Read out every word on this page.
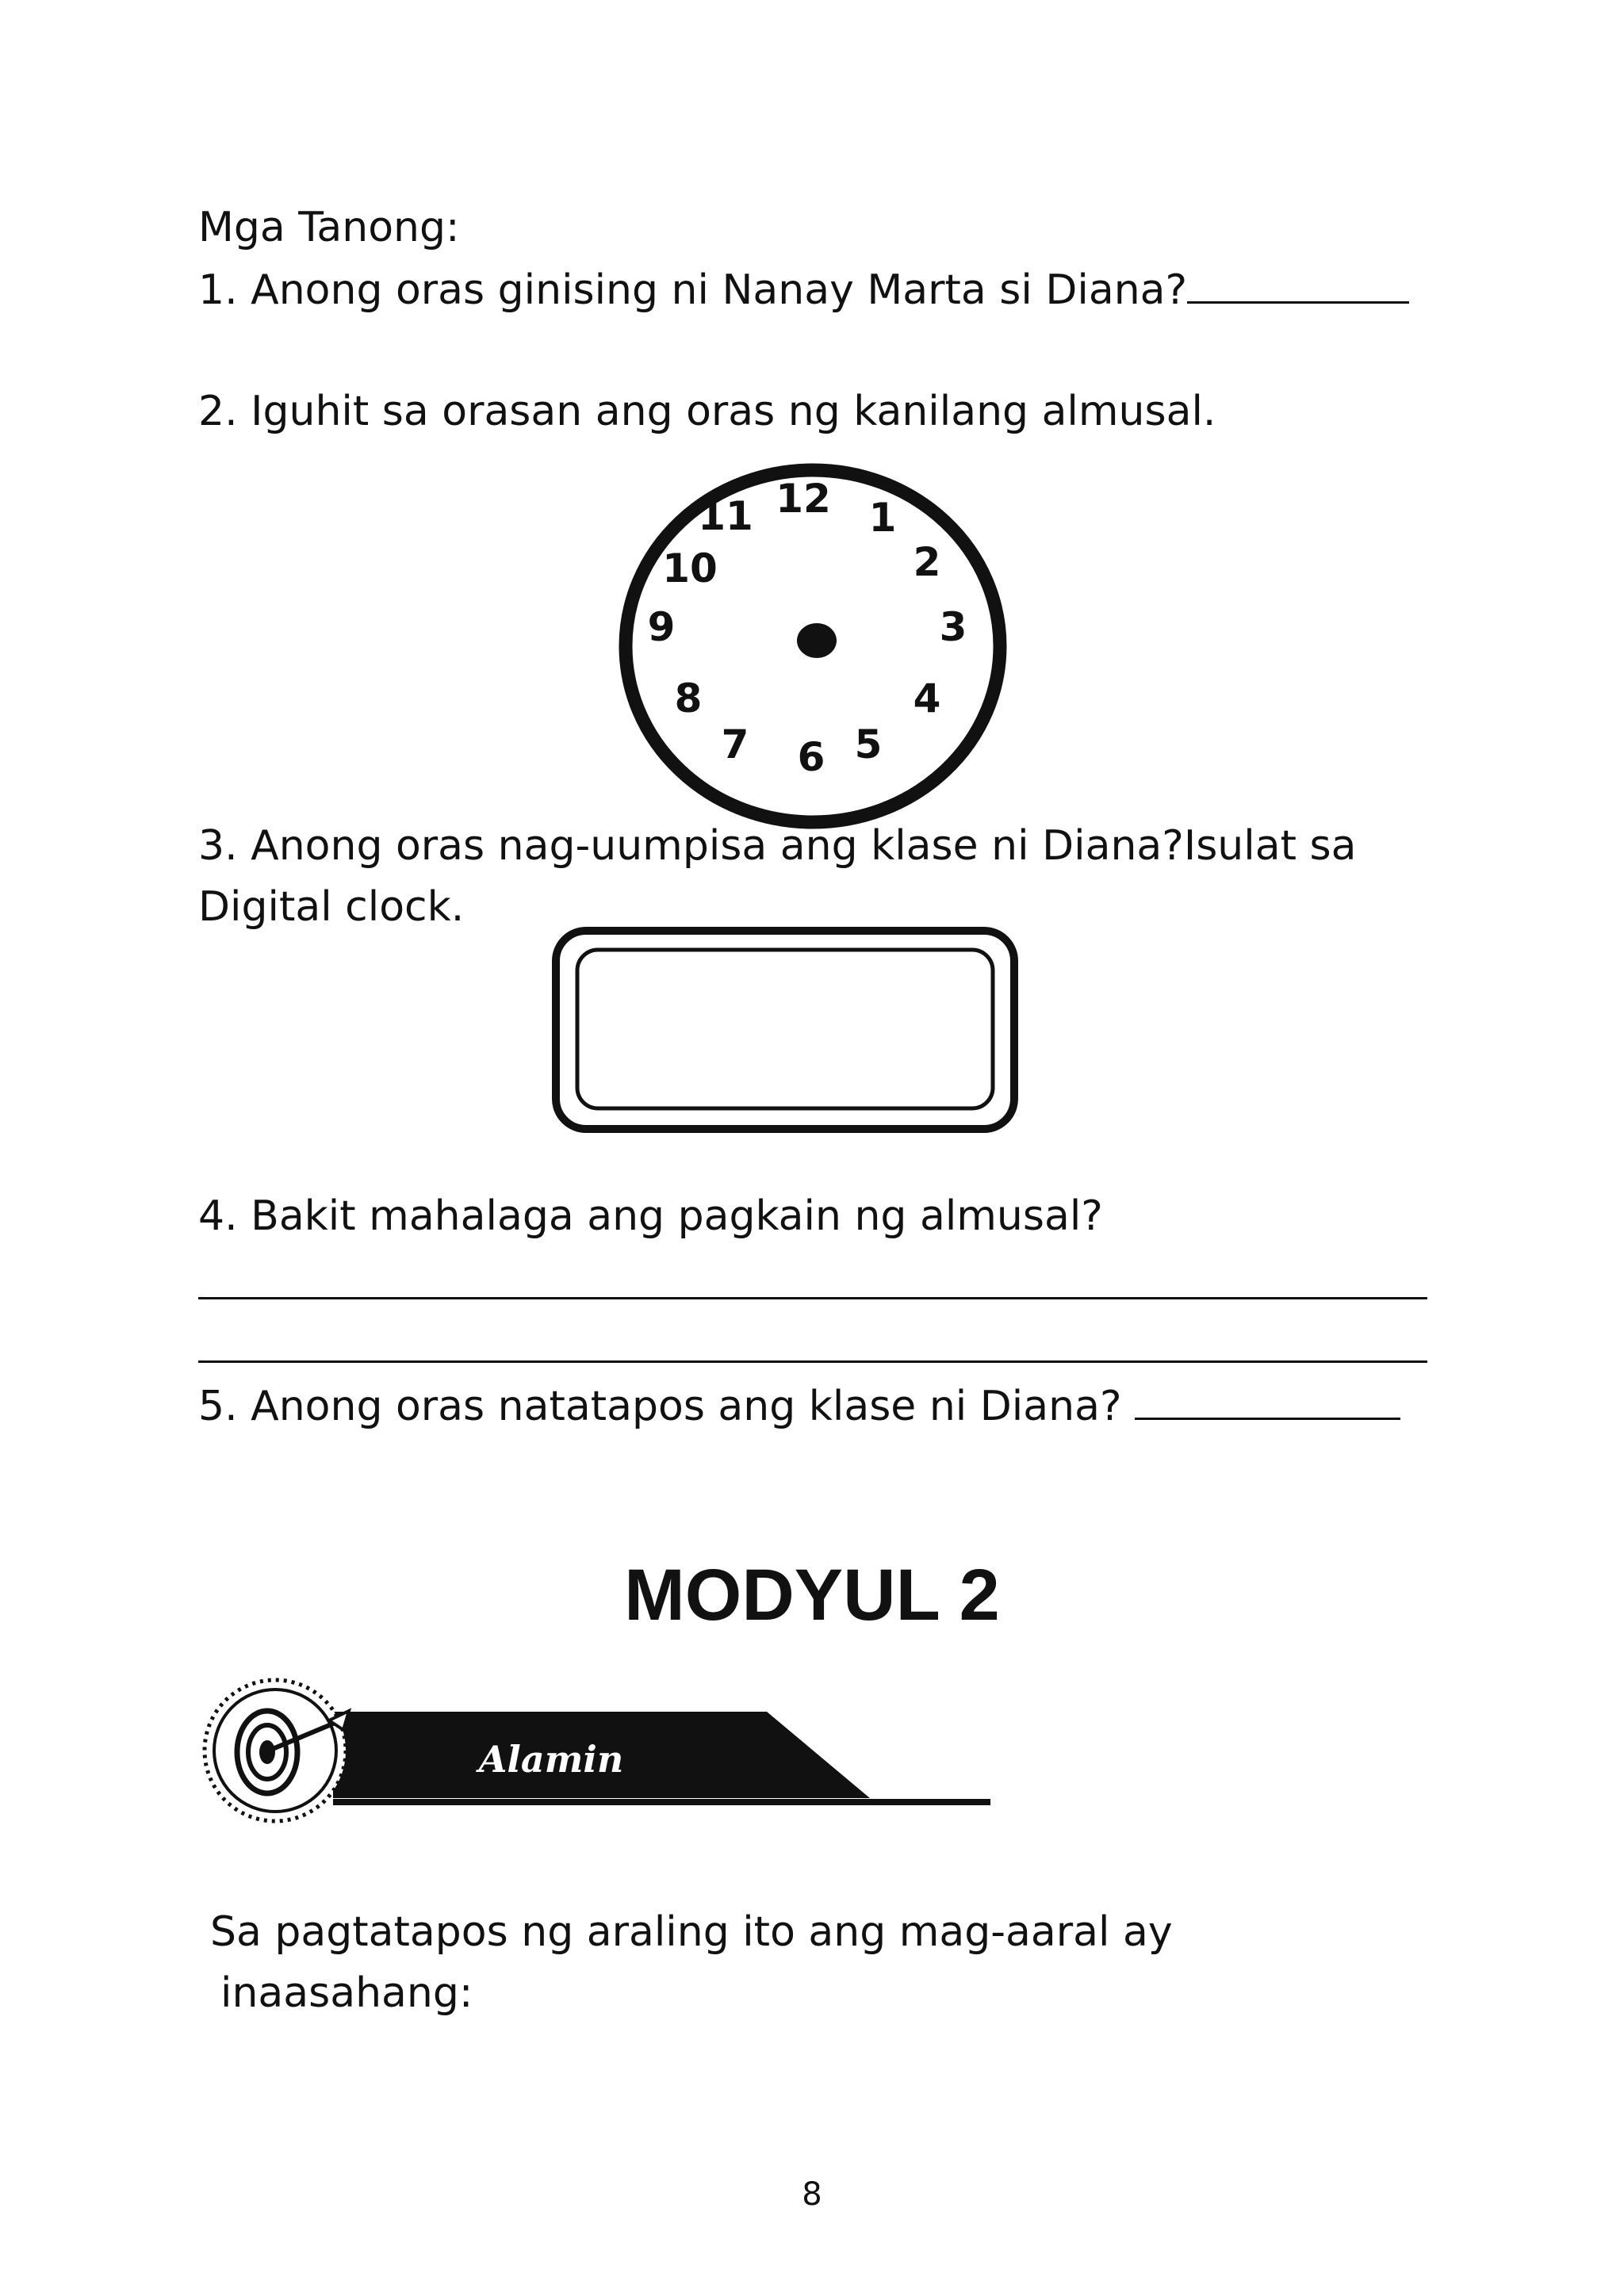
Mga Tanong:
1. Anong oras ginising ni Nanay Marta si Diana?
2. Iguhit sa orasan ang oras ng kanilang almusal.
12 1
2
3
4
5
6
7
8
9
10
11
3. Anong oras nag-uumpisa ang klase ni Diana?Isulat sa
Digital clock.
4. Bakit mahalaga ang pagkain ng almusal?
5. Anong oras natatapos ang klase ni Diana?
MODYUL 2
Alamin
Sa pagtatapos ng araling ito ang mag-aaral ay
inaasahang:
8
